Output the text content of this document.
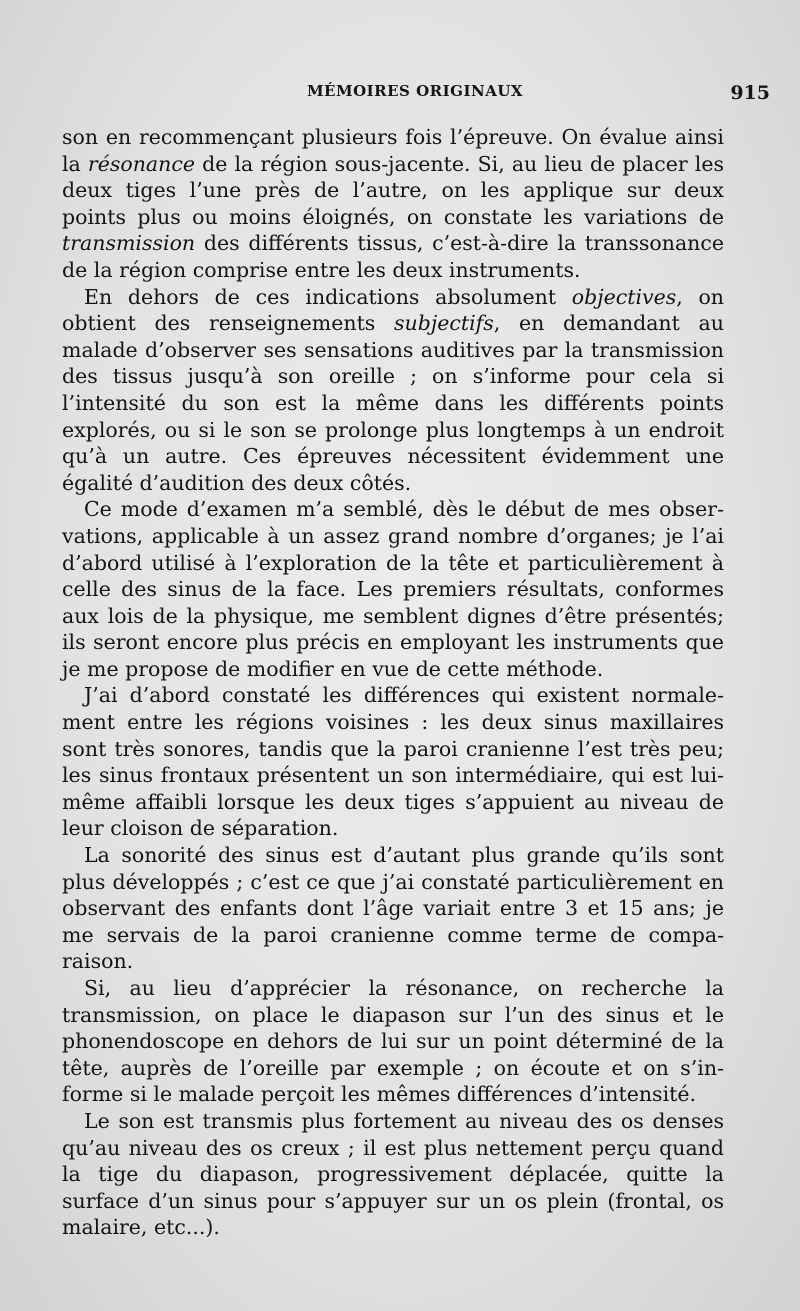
MÉMOIRES ORIGINAUX	915

son en recommençant plusieurs fois l’épreuve. On évalue ainsi la résonance de la région sous-jacente. Si, au lieu de placer les deux tiges l’une près de l’autre, on les applique sur deux points plus ou moins éloignés, on constate les variations de transmission des différents tissus, c’est-à-dire la transsonance de la région comprise entre les deux instruments.

En dehors de ces indications absolument objectives, on obtient des renseignements subjectifs, en demandant au malade d’observer ses sensations auditives par la transmission des tissus jusqu’à son oreille ; on s’informe pour cela si l’intensité du son est la même dans les différents points explorés, ou si le son se prolonge plus longtemps à un endroit qu’à un autre. Ces épreuves nécessitent évidemment une égalité d’audition des deux côtés.

Ce mode d’examen m’a semblé, dès le début de mes observations, applicable à un assez grand nombre d’organes; je l’ai d’abord utilisé à l’exploration de la tête et particulièrement à celle des sinus de la face. Les premiers résultats, conformes aux lois de la physique, me semblent dignes d’être présentés; ils seront encore plus précis en employant les instruments que je me propose de modifier en vue de cette méthode.

J’ai d’abord constaté les différences qui existent normalement entre les régions voisines : les deux sinus maxillaires sont très sonores, tandis que la paroi cranienne l’est très peu; les sinus frontaux présentent un son intermédiaire, qui est lui-même affaibli lorsque les deux tiges s’appuient au niveau de leur cloison de séparation.

La sonorité des sinus est d’autant plus grande qu’ils sont plus développés ; c’est ce que j’ai constaté particulièrement en observant des enfants dont l’âge variait entre 3 et 15 ans; je me servais de la paroi cranienne comme terme de comparaison.

Si, au lieu d’apprécier la résonance, on recherche la transmission, on place le diapason sur l’un des sinus et le phonendoscope en dehors de lui sur un point déterminé de la tête, auprès de l’oreille par exemple ; on écoute et on s’informe si le malade perçoit les mêmes différences d’intensité.

Le son est transmis plus fortement au niveau des os denses qu’au niveau des os creux ; il est plus nettement perçu quand la tige du diapason, progressivement déplacée, quitte la surface d’un sinus pour s’appuyer sur un os plein (frontal, os malaire, etc...).
